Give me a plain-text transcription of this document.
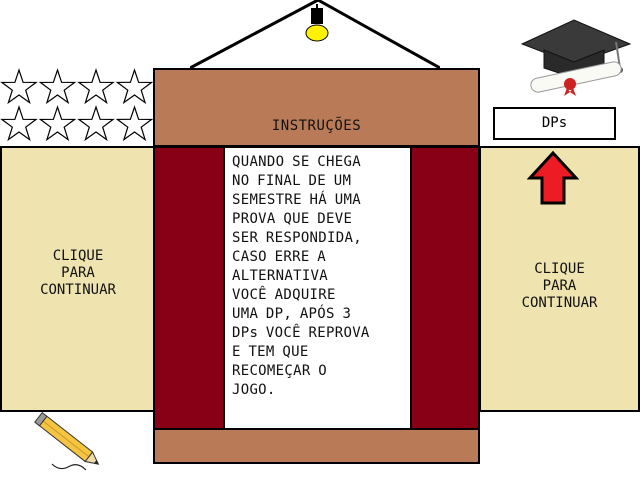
INSTRUÇÕES	DPs
CLIQUE
PARA
CONTINUAR
CLIQUE
PARA
CONTINUAR
QUANDO SE CHEGA
NO FINAL DE UM
SEMESTRE HÁ UMA
PROVA QUE DEVE
SER RESPONDIDA,
CASO ERRE A
ALTERNATIVA
VOCÊ ADQUIRE
UMA DP, APÓS 3
DPs VOCÊ REPROVA
E TEM QUE
RECOMEÇAR O
JOGO.
